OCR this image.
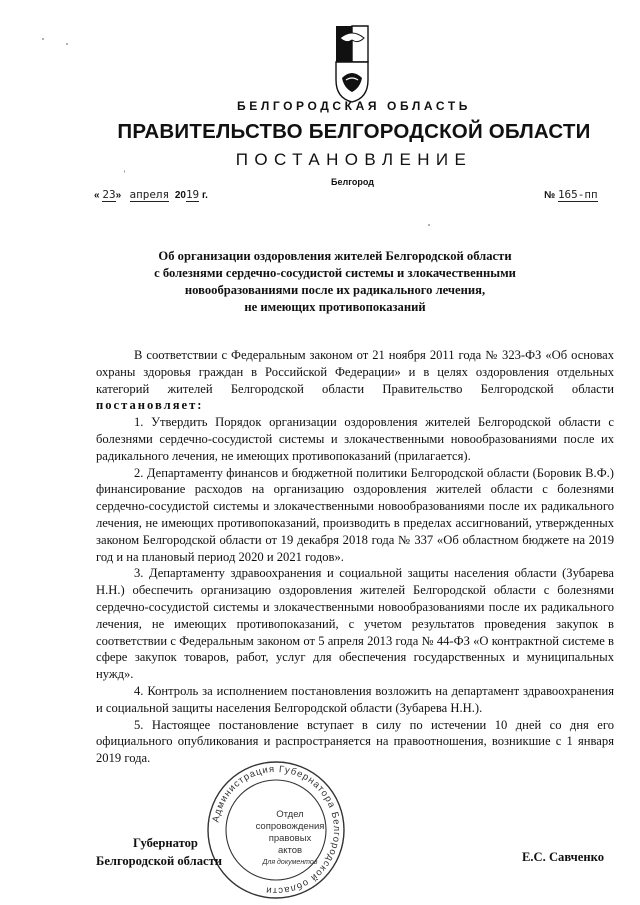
БЕЛГОРОДСКАЯ ОБЛАСТЬ
ПРАВИТЕЛЬСТВО БЕЛГОРОДСКОЙ ОБЛАСТИ
ПОСТАНОВЛЕНИЕ
Белгород
« 23» апреля 2019 г.	№ 165-пп
Об организации оздоровления жителей Белгородской области
с болезнями сердечно-сосудистой системы и злокачественными
новообразованиями после их радикального лечения,
не имеющих противопоказаний

В соответствии с Федеральным законом от 21 ноября 2011 года № 323-ФЗ «Об основах охраны здоровья граждан в Российской Федерации» и в целях оздоровления отдельных категорий жителей Белгородской области Правительство Белгородской области постановляет:

1. Утвердить Порядок организации оздоровления жителей Белгородской области с болезнями сердечно-сосудистой системы и злокачественными новообразованиями после их радикального лечения, не имеющих противопоказаний (прилагается).

2. Департаменту финансов и бюджетной политики Белгородской области (Боровик В.Ф.) финансирование расходов на организацию оздоровления жителей области с болезнями сердечно-сосудистой системы и злокачественными новообразованиями после их радикального лечения, не имеющих противопоказаний, производить в пределах ассигнований, утвержденных законом Белгородской области от 19 декабря 2018 года № 337 «Об областном бюджете на 2019 год и на плановый период 2020 и 2021 годов».

3. Департаменту здравоохранения и социальной защиты населения области (Зубарева Н.Н.) обеспечить организацию оздоровления жителей Белгородской области с болезнями сердечно-сосудистой системы и злокачественными новообразованиями после их радикального лечения, не имеющих противопоказаний, с учетом результатов проведения закупок в соответствии с Федеральным законом от 5 апреля 2013 года № 44-ФЗ «О контрактной системе в сфере закупок товаров, работ, услуг для обеспечения государственных и муниципальных нужд».

4. Контроль за исполнением постановления возложить на департамент здравоохранения и социальной защиты населения Белгородской области (Зубарева Н.Н.).

5. Настоящее постановление вступает в силу по истечении 10 дней со дня его официального опубликования и распространяется на правоотношения, возникшие с 1 января 2019 года.

Администрация Губернатора Белгородской области
Отдел
сопровождения
правовых
актов
Для документов
Губернатор
Белгородской области	Е.С. Савченко
